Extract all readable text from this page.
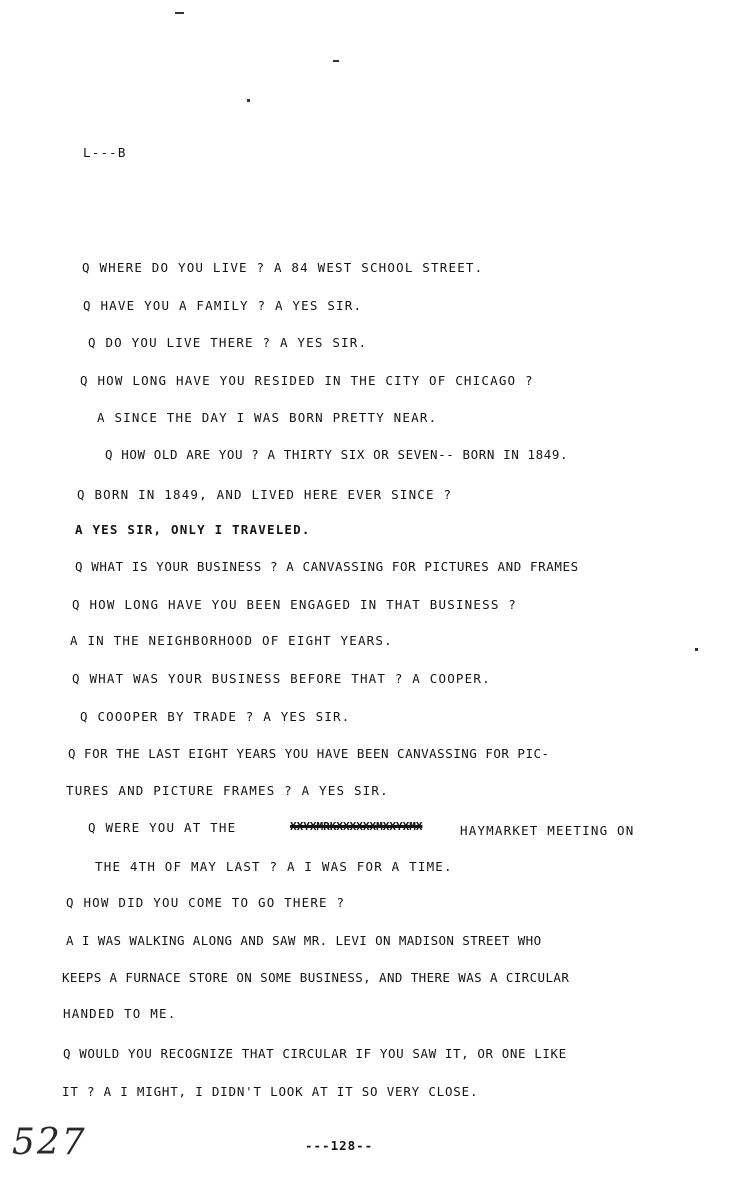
L---B
Q WHERE DO YOU LIVE ? A 84 WEST SCHOOL STREET.
Q HAVE YOU A FAMILY ? A YES SIR.
Q DO YOU LIVE THERE ? A YES SIR.
Q HOW LONG HAVE YOU RESIDED IN THE CITY OF CHICAGO ?
A SINCE THE DAY I WAS BORN PRETTY NEAR.
Q HOW OLD ARE YOU ? A THIRTY SIX OR SEVEN-- BORN IN 1849.
Q BORN IN 1849, AND LIVED HERE EVER SINCE ?
A YES SIR, ONLY I TRAVELED.
Q WHAT IS YOUR BUSINESS ? A CANVASSING FOR PICTURES AND FRAMES
Q HOW LONG HAVE YOU BEEN ENGAGED IN THAT BUSINESS ?
A IN THE NEIGHBORHOOD OF EIGHT YEARS.
Q WHAT WAS YOUR BUSINESS BEFORE THAT ? A COOPER.
Q COOOPER BY TRADE ? A YES SIR.
Q FOR THE LAST EIGHT YEARS YOU HAVE BEEN CANVASSING FOR PIC-
TURES AND PICTURE FRAMES ? A YES SIR.
Q WERE YOU AT THE	XXYXMRKXXXXXXMXXYXMX	HAYMARKET MEETING ON
THE 4TH OF MAY LAST ? A I WAS FOR A TIME.
Q HOW DID YOU COME TO GO THERE ?
A I WAS WALKING ALONG AND SAW MR. LEVI ON MADISON STREET WHO
KEEPS A FURNACE STORE ON SOME BUSINESS, AND THERE WAS A CIRCULAR
HANDED TO ME.
Q WOULD YOU RECOGNIZE THAT CIRCULAR IF YOU SAW IT, OR ONE LIKE
IT ? A I MIGHT, I DIDN'T LOOK AT IT SO VERY CLOSE.
527	---128--
